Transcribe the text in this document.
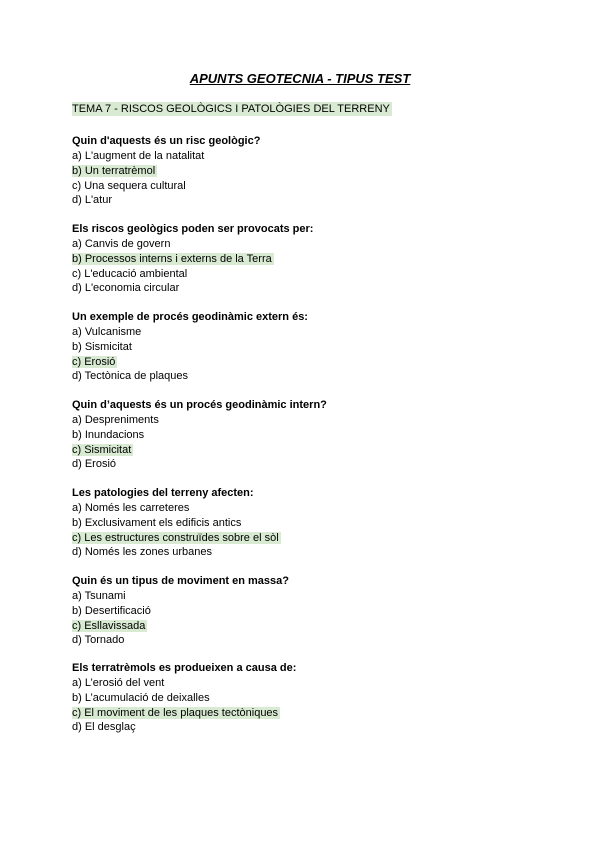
APUNTS GEOTECNIA - TIPUS TEST
TEMA 7 - RISCOS GEOLÒGICS I PATOLÒGIES DEL TERRENY
Quin d'aquests és un risc geològic?
a) L'augment de la natalitat
b) Un terratrèmol
c) Una sequera cultural
d) L'atur
Els riscos geològics poden ser provocats per:
a) Canvis de govern
b) Processos interns i externs de la Terra
c) L'educació ambiental
d) L'economia circular
Un exemple de procés geodinàmic extern és:
a) Vulcanisme
b) Sismicitat
c) Erosió
d) Tectònica de plaques
Quin d’aquests és un procés geodinàmic intern?
a) Despreniments
b) Inundacions
c) Sismicitat
d) Erosió
Les patologies del terreny afecten:
a) Només les carreteres
b) Exclusivament els edificis antics
c) Les estructures construïdes sobre el sòl
d) Només les zones urbanes
Quin és un tipus de moviment en massa?
a) Tsunami
b) Desertificació
c) Esllavissada
d) Tornado
Els terratrèmols es produeixen a causa de:
a) L’erosió del vent
b) L’acumulació de deixalles
c) El moviment de les plaques tectòniques
d) El desglaç
